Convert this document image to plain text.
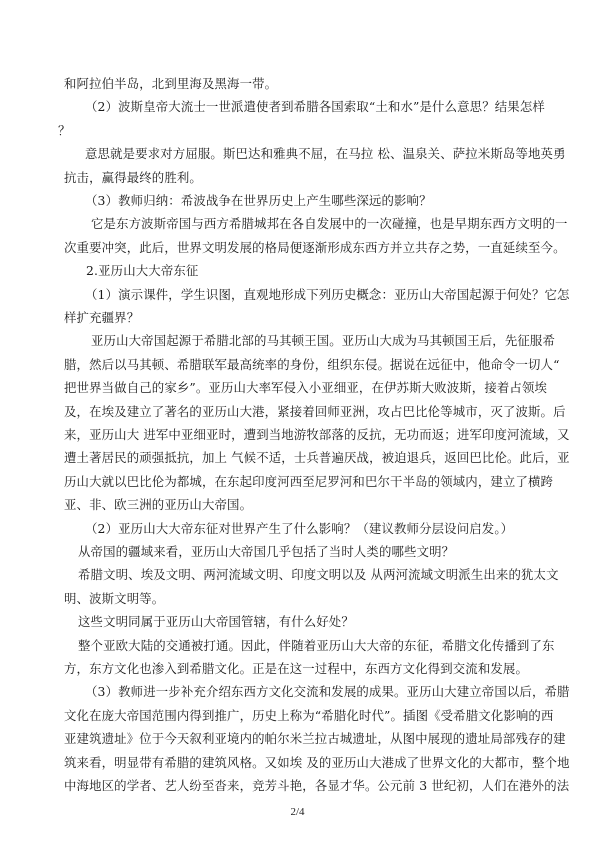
和阿拉伯半岛，北到里海及黑海一带。
（2）波斯皇帝大流士一世派遣使者到希腊各国索取“土和水”是什么意思？结果怎样
？
意思就是要求对方屈服。斯巴达和雅典不屈，在马拉 松、温泉关、萨拉米斯岛等地英勇
抗击，赢得最终的胜利。
（3）教师归纳：希波战争在世界历史上产生哪些深远的影响？
它是东方波斯帝国与西方希腊城邦在各自发展中的一次碰撞，也是早期东西方文明的一
次重要冲突，此后，世界文明发展的格局便逐渐形成东西方并立共存之势，一直延续至今。
2.亚历山大大帝东征
（1）演示课件，学生识图，直观地形成下列历史概念：亚历山大帝国起源于何处？它怎
样扩充疆界？
亚历山大帝国起源于希腊北部的马其顿王国。亚历山大成为马其顿国王后，先征服希
腊，然后以马其顿、希腊联军最高统率的身份，组织东侵。据说在远征中，他命令一切人“
把世界当做自己的家乡”。亚历山大率军侵入小亚细亚，在伊苏斯大败波斯，接着占领埃
及，在埃及建立了著名的亚历山大港，紧接着回师亚洲，攻占巴比伦等城市，灭了波斯。后
来，亚历山大 进军中亚细亚时，遭到当地游牧部落的反抗，无功而返；进军印度河流域，又
遭土著居民的顽强抵抗，加上 气候不适，士兵普遍厌战，被迫退兵，返回巴比伦。此后，亚
历山大就以巴比伦为都城，在东起印度河西至尼罗河和巴尔干半岛的领域内，建立了横跨
亚、非、欧三洲的亚历山大帝国。
（2）亚历山大大帝东征对世界产生了什么影响？（建议教师分层设问启发。）
从帝国的疆域来看，亚历山大帝国几乎包括了当时人类的哪些文明？
希腊文明、埃及文明、两河流域文明、印度文明以及 从两河流域文明派生出来的犹太文
明、波斯文明等。
这些文明同属于亚历山大帝国管辖，有什么好处？
整个亚欧大陆的交通被打通。因此，伴随着亚历山大大帝的东征，希腊文化传播到了东
方，东方文化也渗入到希腊文化。正是在这一过程中，东西方文化得到交流和发展。
（3）教师进一步补充介绍东西方文化交流和发展的成果。亚历山大建立帝国以后，希腊
文化在庞大帝国范围内得到推广，历史上称为“希腊化时代”。插图《受希腊文化影响的西
亚建筑遗址》位于今天叙利亚境内的帕尔米兰拉古城遗址，从图中展现的遗址局部残存的建
筑来看，明显带有希腊的建筑风格。又如埃 及的亚历山大港成了世界文化的大都市，整个地
中海地区的学者、艺人纷至沓来，竞芳斗艳，各显才华。公元前 3 世纪初，人们在港外的法
2/4
